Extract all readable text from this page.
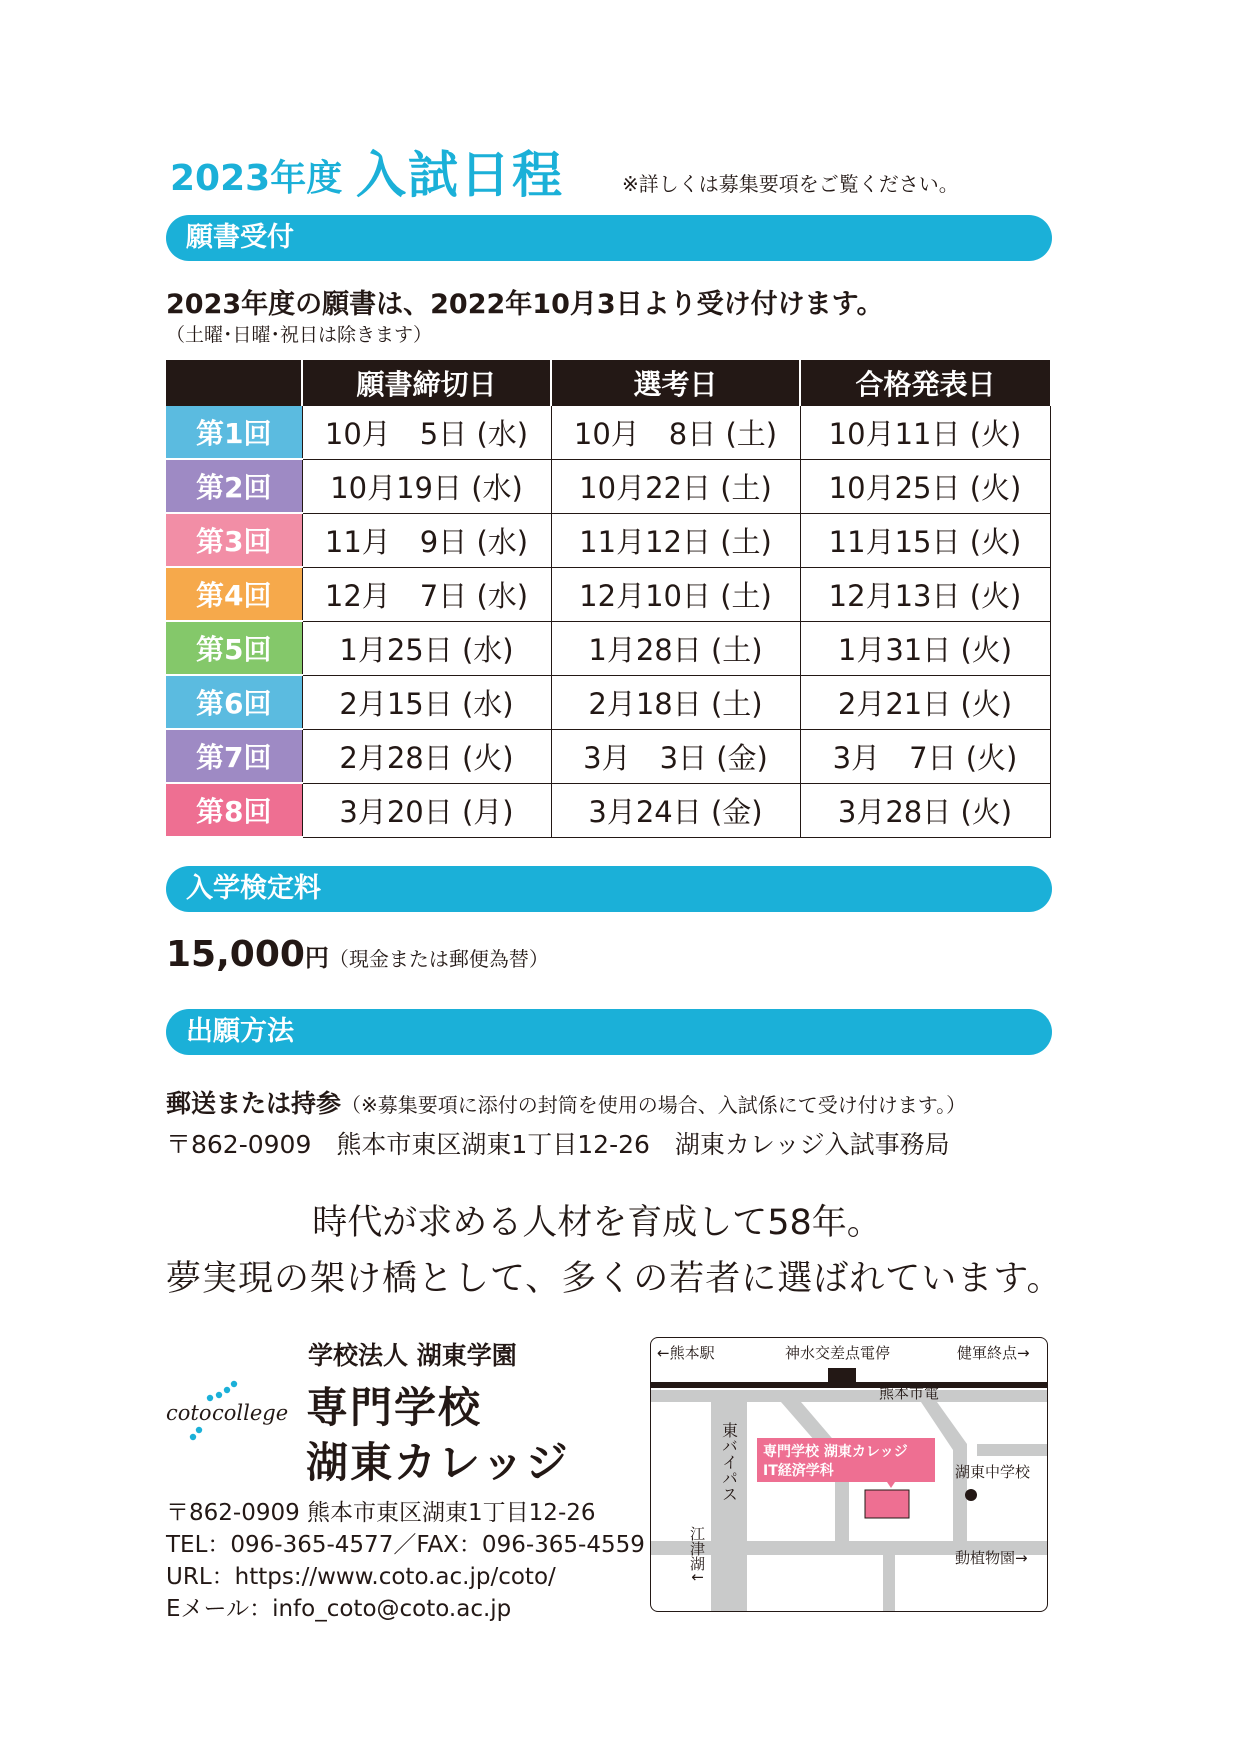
2023年度 入試日程	※詳しくは募集要項をご覧ください。
願書受付
2023年度の願書は、2022年10月3日より受け付けます。
（土曜･日曜･祝日は除きます）
	願書締切日	選考日	合格発表日
第1回	10月　5日 (水)	10月　8日 (土)	10月11日 (火)
第2回	10月19日 (水)	10月22日 (土)	10月25日 (火)
第3回	11月　9日 (水)	11月12日 (土)	11月15日 (火)
第4回	12月　7日 (水)	12月10日 (土)	12月13日 (火)
第5回	1月25日 (水)	1月28日 (土)	1月31日 (火)
第6回	2月15日 (水)	2月18日 (土)	2月21日 (火)
第7回	2月28日 (火)	3月　3日 (金)	3月　7日 (火)
第8回	3月20日 (月)	3月24日 (金)	3月28日 (火)
入学検定料
15,000円（現金または郵便為替）
出願方法
郵送または持参（※募集要項に添付の封筒を使用の場合、入試係にて受け付けます。）
〒862-0909　熊本市東区湖東1丁目12-26　湖東カレッジ入試事務局
時代が求める人材を育成して58年。
夢実現の架け橋として、多くの若者に選ばれています。
coto college
学校法人 湖東学園
専門学校
湖東カレッジ
〒862-0909 熊本市東区湖東1丁目12-26
TEL：096-365-4577／FAX：096-365-4559
URL：https://www.coto.ac.jp/coto/
Eメール：info_coto@coto.ac.jp
←熊本駅	神水交差点電停	健軍終点→
熊本市電
専門学校 湖東カレッジ
IT経済学科	湖東中学校
動植物園→
東バイパス
江津湖↓
